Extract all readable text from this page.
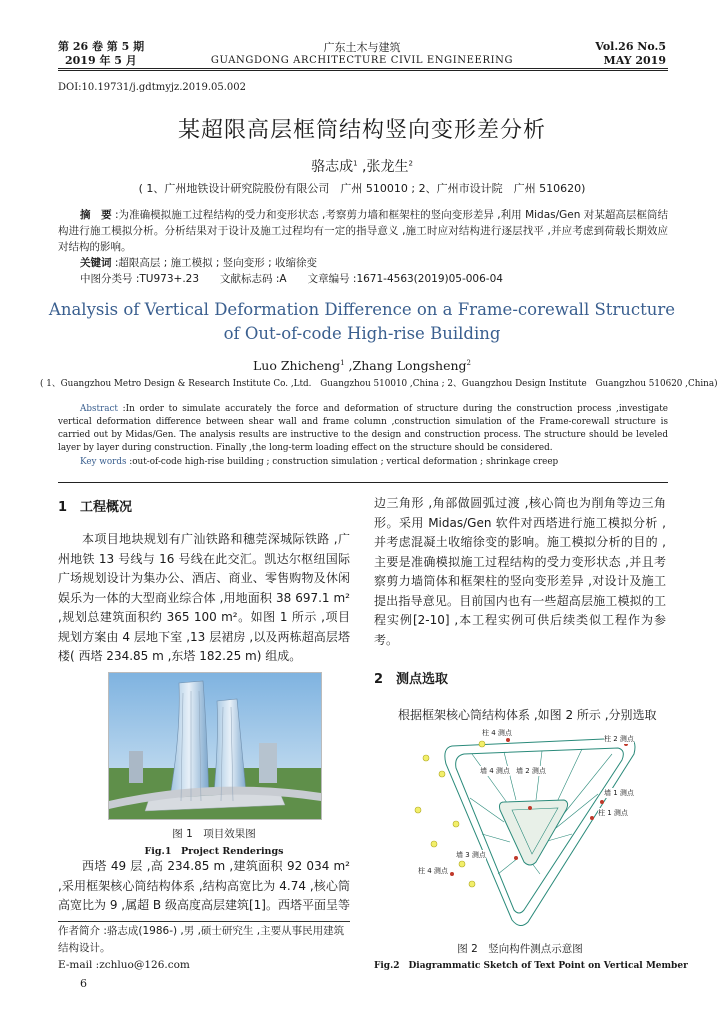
第 26 卷 第 5 期
2019 年 5 月
广东土木与建筑
GUANGDONG ARCHITECTURE CIVIL ENGINEERING
Vol.26 No.5
MAY 2019
DOI:10.19731/j.gdtmyjz.2019.05.002
某超限高层框筒结构竖向变形差分析
骆志成$^1$ ,张龙生$^2$
( 1、广州地铁设计研究院股份有限公司　广州 510010 ; 2、广州市设计院　广州 510620)
摘　要 :为准确模拟施工过程结构的受力和变形状态 ,考察剪力墙和框架柱的竖向变形差异 ,利用 Midas/Gen 对某超高层框筒结构进行施工模拟分析。分析结果对于设计及施工过程均有一定的指导意义 ,施工时应对结构进行逐层找平 ,并应考虑到荷载长期效应对结构的影响。
关键词 :超限高层 ; 施工模拟 ; 竖向变形 ; 收缩徐变
中图分类号 :TU973+.23　　文献标志码 :A　　文章编号 :1671-4563(2019)05-006-04
Analysis of Vertical Deformation Difference on a Frame-corewall Structure
of Out-of-code High-rise Building
Luo Zhicheng$^1$ ,Zhang Longsheng$^2$
( 1、Guangzhou Metro Design & Research Institute Co. ,Ltd.　Guangzhou 510010 ,China ; 2、Guangzhou Design Institute　Guangzhou 510620 ,China)
Abstract :In order to simulate accurately the force and deformation of structure during the construction process ,investigate vertical deformation difference between shear wall and frame column ,construction simulation of the Frame-corewall structure is carried out by Midas/Gen. The analysis results are instructive to the design and construction process. The structure should be leveled layer by layer during construction. Finally ,the long-term loading effect on the structure should be considered.
Key words :out-of-code high-rise building ; construction simulation ; vertical deformation ; shrinkage creep
1　工程概况
本项目地块规划有广汕铁路和穗莞深城际铁路 ,广州地铁 13 号线与 16 号线在此交汇。凯达尔枢纽国际广场规划设计为集办公、酒店、商业、零售购物及休闲娱乐为一体的大型商业综合体 ,用地面积 38 697.1 m² ,规划总建筑面积约 365 100 m²。如图 1 所示 ,项目规划方案由 4 层地下室 ,13 层裙房 ,以及两栋超高层塔楼( 西塔 234.85 m ,东塔 182.25 m) 组成。
图 1　项目效果图
Fig.1　Project Renderings
西塔 49 层 ,高 234.85 m ,建筑面积 92 034 m² ,采用框架核心筒结构体系 ,结构高宽比为 4.74 ,核心筒高宽比为 9 ,属超 B 级高度高层建筑[1]。西塔平面呈等
作者简介 :骆志成(1986-) ,男 ,硕士研究生 ,主要从事民用建筑结构设计。
E-mail :zchluo@126.com
6
边三角形 ,角部做圆弧过渡 ,核心筒也为削角等边三角形。采用 Midas/Gen 软件对西塔进行施工模拟分析 ,并考虑混凝土收缩徐变的影响。施工模拟分析的目的 ,主要是准确模拟施工过程结构的受力变形状态 ,并且考察剪力墙筒体和框架柱的竖向变形差异 ,对设计及施工提出指导意见。目前国内也有一些超高层施工模拟的工程实例[2-10] ,本工程实例可供后续类似工程作为参考。
2　测点选取
根据框架核心筒结构体系 ,如图 2 所示 ,分别选取
柱 4 测点
柱 2 测点
墙 4 测点 墙 2 测点
墙 1 测点
柱 1 测点
墙 3 测点
柱 4 测点
图 2　竖向构件测点示意图
Fig.2　Diagrammatic Sketch of Text Point on Vertical Member
